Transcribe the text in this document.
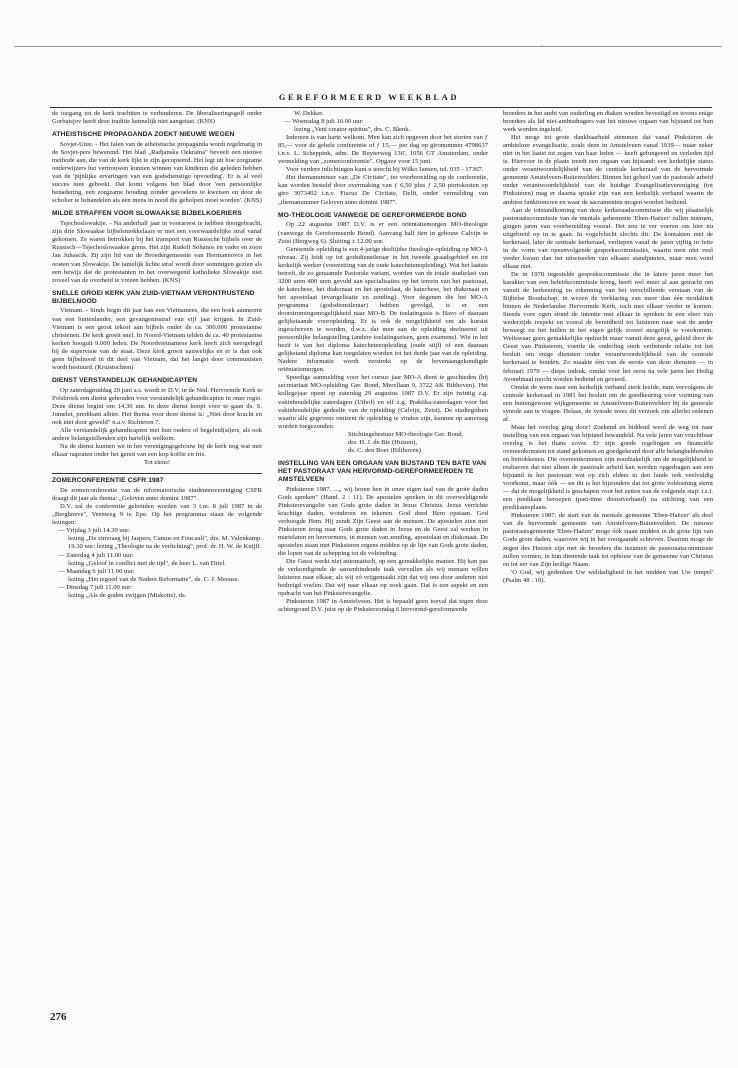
•
GEREFORMEERD WEEKBLAD

de toegang tot de kerk trachtten te verhinderen. De liberaliseringsgolf onder Gorbatsjov heeft deze traditie kennelijk niet aangetast. (KNS)

ATHEISTISCHE PROPAGANDA ZOEKT NIEUWE WEGEN

Sovjet-Unie. - Het falen van de atheïstische propaganda wordt regelmatig in de Sovjet-pers bewerend. Het blad „Radjanska Oekraïna" beveelt een nieuwe methode aan, die van de kerk lijkt te zijn gecopieërd. Het legt uit hoe zorgzame onderwijzers het vertrouwen kunnen winnen van kinderen die geleden hebben van de 'pijnlijke ervaringen van een godsdienstige opvoeding'. Er is al veel succes mee geboekt. Dat komt volgens het blad door 'een persoonlijke benadering, een zorgzame houding zonder gevoelens te kwetsen en door de scholier te behandelen als een mens in nood die geholpen moet worden'. (KNS)

MILDE STRAFFEN VOOR SLOWAAKSE BIJBELKOERIERS

Tsjechoslowakije. - Na anderhalf jaar in voorarrest te hebben doorgebracht, zijn drie Slowaakse bijbelsmokkelaars er met een voorwaardelijke straf vanaf gekomen. Ze waren betrokken bij het transport van Russische bijbels over de Russisch—Tsjechoslowaakse grens. Het zijn Rudolf Sohanos en vader en zoon Jan Juhascik. Zij zijn lid van de Broedergemeente van Hermannovce in het oosten van Slowakije. De tamelijk lichte straf wordt door sommigen gezien als een bewijs dat de protestanten in het overwegend katholieke Slowakije niet zoveel van de overheid te vrezen hebben. (KNS)

SNELLE GROEI KERK VAN ZUID-VIETNAM VERONTRUSTEND BIJBELNOOD

Vietnam. - Sinds begin dit jaar kan een Vietnamees, die een boek aanneemt van een buitenlander, een gevangenisstraf van vijf jaar krijgen. In Zuid-Vietnam is een groot tekort aan bijbels onder de ca. 300.000 protestantse christenen. De kerk groeit snel. In Noord-Vietnam telden de ca. 40 protestantse kerken hooguit 9.000 leden. De Noordvietnamese kerk heeft zich neergelegd bij de supervisie van de staat. Deze kerk groeit nauwelijks en er is dan ook geen bijbelnood in dit deel van Vietnam, dat het langst door communisten wordt bestuurd. (Kruistochten)

DIENST VERSTANDELIJK GEHANDICAPTEN

Op zaterdagmiddag 20 juni a.s. wordt er D.V. in de Ned. Hervormde Kerk te Polsbroek een dienst gehouden voor verstandelijk gehandicapten in onze regio. Deze dienst begint om 14.30 uur. In deze dienst hoopt voor te gaan ds. S. Jumelet, predikant alhier. Het thema voor deze dienst is: „Niet door kracht en ook niet door geweld" n.a.v. Richteren 7.

Alle verstandelijk gehandicapten met hun ouders of begeleid(st)ers, als ook andere belangstellenden zijn hartelijk welkom.

Na de dienst kunnen we in het verenigingsgebouw bij de kerk nog wat met elkaar napraten onder het genot van een kop koffie en fris.

Tot ziens!

ZOMERCONFERENTIE CSFR 1987

De zomerconferentie van de reformatorische studentenvereniging CSFR draagt dit jaar als thema: „Geloven anno domini 1987".

D.V. zal de conferentie gehouden worden van 3 t.m. 8 juli 1987 in de „Berghoeve", Veenweg 9 te Epe. Op het programma staan de volgende lezingen:

— Vrijdag 3 juli 14.30 uur:

lezing „De zinvraag bij Jaspers, Camus en Foucault", drs. M. Valenkamp.

19.30 uur: lezing „Theologie na de verlichting", prof. dr. H. W. de Knijff.

— Zaterdag 4 juli 11.00 uur:

lezing „Geloof in conflict met de tijd", de heer L. van Driel.

— Maandag 6 juli 11.00 uur:

lezing „Het tegoed van de Nadere Reformatie", ds. C. J. Meeuse.

— Dinsdag 7 juli 11.00 uur:

lezing „Als de goden zwijgen (Miskotte), ds.

W. Dekker.

— Woensdag 8 juli 10.00 uur:

lezing „Veni creator spiritus", drs. C. Blenk.

Iedereen is van harte welkom. Men kan zich opgeven door het storten van ƒ 85,— voor de gehele conferentie of ƒ 15,— per dag op gironummer 4798637 t.n.v. L. Scheppink, adm. De Ruyterweg 136', 1056 GT Amsterdam, onder vermelding van „zomerconferentie". Opgave voor 15 juni.

Voor verdere inlichtingen kunt u terecht bij Wilko Jansen, tel. 035 - 17367.

Het themanummer van „De Civitate", ter voorbereiding op de conferentie, kan worden besteld door overmaking van ƒ 6,50 plus ƒ 2,50 portokosten op giro 3073492 t.n.v. Fiscus De Civitate, Delft, onder vermelding van „themanummer Geloven anno domini 1987".

MO-THEOLOGIE VANWEGE DE GEREFORMEERDE BOND

Op 22 augustus 1987 D.V. is er een oriëntatiemorgen MO-theologie (vanwege de Gereformeerde Bond). Aanvang half tien in gebouw Calvijn te Zeist (Bergweg 6). Sluiting ± 12.00 uur.

Genoemde opleiding is een 4-jarige deeltijdse theologie-opleiding op MO-A niveau. Zij leidt op tot godsdienstleraar in het tweede graadsgebied en tot kerkelijk werker (voorzetting van de oude katechetenopleiding). Wat het laatste betreft, de zo genaamde Pastorale variant, worden van de totale studielast van 3200 uren 400 uren gevuld aan specialisaties op het terrein van het pastoraat, de katechese, het diakonaat en het apostolaat, de katechese, het diakonaat en het apostolaat (evangelisatie en zending). Voor degenen die het MO-A programma (godsdienstleraar) hebben gevolgd, is er een doorstromingsmogelijkheid naar MO-B. De toelatingseis is Havo of daaraan gelijkstaande vooropleiding. Er is ook de mogelijkheid om als kursist ingeschreven te worden, d.w.z. dat men aan de opleiding deelneemt uit persoonlijke belangstelling (andere toelatingseisen, geen examens). Wie in het bezit is van het diploma katechetenopleiding (oude stijl) of een daaraan gelijkstand diploma kan toegelaten worden tot het derde jaar van de opleiding. Nadere informatie wordt verstrekt op de bovenaangekondigde oriëntatiemorgen.

Spoedige aanmelding voor het cursus jaar MO-A dient te geschieden (bij secretariaat MO-opleiding Ger. Bond, Merellaan 9, 3722 AK Bilthoven). Het kollegejaar opent op zaterdag 29 augustus 1987 D.V. Er zijn twintig z.g. vakinhoudelijke zaterdagen (Uthof) en elf z.g. Praktika-zaterdagen voor het vakinhoudelijke gedeelte van de opleiding (Calvijn, Zeist). De studiegidsen waarin alle gegevens omtrent de opleiding te vinden zijn, kunnen op aanvraag worden toegezonden.

Stichtingsbestuur MO-theologie Ger. Bond,

drs. H. J. de Bie (Huizen),

ds. C. den Boer (Bilthoven)

INSTELLING VAN EEN ORGAAN VAN BIJSTAND TEN BATE VAN HET PASTORAAT VAN HERVORMD-GEREFORMEERDEN TE AMSTELVEEN

Pinksteren 1987. ...„ wij horen hen in onze eigen taal van de grote daden Gods spreken" (Hand. 2 : 11). De apostelen spreken in dit overweldigende Pinksterevangelie van Gods grote daden in Jezus Christus. Jezus verrichte krachtige daden, wonderen en tekenen. God deed Hem opstaan. God verhoogde Hem. Hij zendt Zijn Geest aan de mensen. De apostelen zien met Pinksteren terug naar Gods grote daden in Jezus en de Geest zal werken in martelaren en hervormers, in mensen van zending, apostolaat en diakonaat. De apostelen staan met Pinksteren ergens midden op de lijn van Gods grote daden, die lopen van de schepping tot de voleinding.

Die Geest werkt niet automatisch, op een gemakkelijke manier. Hij kan pas de verkondigende de samenbindende taak vervullen als wij mensen willen luisteren naar elkaar, als wij zó vrijgemaakt zijn dat wij ons door anderen niet bedreigd voelen. Dat wij naar elkaar op zoek gaan. Dat is een aspekt en een opdracht van het Pinksterevangelie.

Pinksteren 1987 in Amstelveen. Het is bepaald geen toeval dat tegen deze achtergrond D.V. juist op de Pinksterzondag 6 hervormd-gereformeerde

broeders in het ambt van ouderling en diaken worden bevestigd en tevens enige broeders als lid niet-ambtsdragers van het nieuwe orgaan van bijstand tot hun werk worden ingeleid.

Het moge tot grote dankbaarheid stemmen dat vanaf Pinksteren de ambteloze evangelisatie, zoals deze in Amstelveen vanaf 1939— maar zeker niet in het laatst tot zegen van haar leden — heeft gefungeerd en verleden tijd is. Hiervoor in de plaats treedt een orgaan van bijstand: een kerkelijke status onder verantwoordelijkheid van de centrale kerkeraad van de hervormde gemeente Amstelveen-Buitenveldert. Binnen het geheel van de pastorale arbeid onder verantwoordelijkheid van de huidige Evangelisatievereniging (tot Pinksteren) mag er daarna sprake zijn van een kerkelijk verband waarin de ambten funktioneren en waar de sacramenten mogen worden bediend.

Aan de totstandkoming van deze kerkeraadscommissie die wij plaatselijk pastoraatscommissie van de mentale gehemente 'Eben-Haëzer' zullen noemen, gingen jaren van voorbereiding vooraf. Het zou te ver voeren om hier nu uitgebreid op in te gaan. In vogelvlucht slechts dit: De kontakten met de kerkeraad, later de centrale kerkeraad, verliepen vanaf de jaren vijftig in feite in de vorm van opeenvolgende gesprekscommissies, waarin men niet veel verder kwam dan het uitwisselen van elkaars standpunten, maar men vond elkaar niet.

De in 1978 ingestelde gesprekscommissie die in latere jaren meer het karakter van een beleidscommissie kreeg, heeft wel meer al aan getracht om vanuit de herkenning en erkenning van het verschillende verstaan van de Bijbelse Boodschap, in wezen de verklaring van meer dan één modaliteit binnen de Nederlandse Hervormde Kerk, toch met elkaar verder te komen. Steeds voor ogen stond de intentie met elkaar te spreken in een sfeer van wederzijds respekt en vooral de bereidheid tot luisteren naar wat de ander beweegt en het hullen in het eigen gelijk zoveel mogelijk te voorkomen. Weliswaar geen gemakkelijke opdracht maar vanuit deze geest, geleid door de Geest van Pinksteren, voerde de onderling sterk verbeterde relatie tot het besluit om enige diensten onder verantwoordelijkheid van de centrale kerkeraad te houden. Zo maakte één van de eerste van deze diensten — in februari 1979 — diepe indruk, omdat voor het eerst na vele jaren het Heilig Avondmaal mocht worden bediend en gevierd.

Omdat de wens naar een kerkelijk verband sterk leefde, nam vervolgens de centrale kerkeraad in 1981 het besluit om de goedkeuring voor vorming van een buitengewone wijkgemeente in Amstelveen-Buitenveldert bij de generale synode aan te vragen. Helaas, de synode wees dit verzoek om allerlei redenen af.

Maar het overleg ging door! Zoekend en biddend werd de weg tot naar instelling van een orgaan van bijstand bewandeld. Na vele jaren van vruchtbaar overleg is het thans zover. Er zijn goede regelingen en financiële overeenkomsten tot stand gekomen en goedgekeurd door alle belanghebbenden en betrokkenen. Die overeenkomsten zijn noodzakelijk om de mogelijkheid te realiseren dat niet alleen de pastorale arbeid kan worden opgedragen aan een bijstand in het pastoraat wat op zich elders in den lande ook veelvuldig voorkomt, maar óók — en dit is het bijzondere dat tot grote voldoening stemt — dat de mogelijkheid is geschapen voor het zetten van de volgende stap: t.z.t. een predikant beroepen (part-time dienstverband) na stichting van een predikantsplaats.

Pinksteren 1987: de start van de mentale gemeente 'Eben-Haëzer' als deel van de hervormde gemeente van Amstelveen-Buitenveldert. De nieuwe pastoraatsgemeente 'Eben-Haëzer' moge óók staan midden in de grote lijn van Gods grote daden, waarover wij in het voorgaande schreven. Daarom moge de zegen des Heeren zijn met de broeders die tezamen de pastoraatscommissie zullen vormen, in hun dienende taak tot opbouw van de gemeente van Christus en tot eer van Zijn heilige Naam.

'O God, wij gedenken Uw weldadigheid in het midden van Uw tempel' (Psalm 48 : 10).

276
